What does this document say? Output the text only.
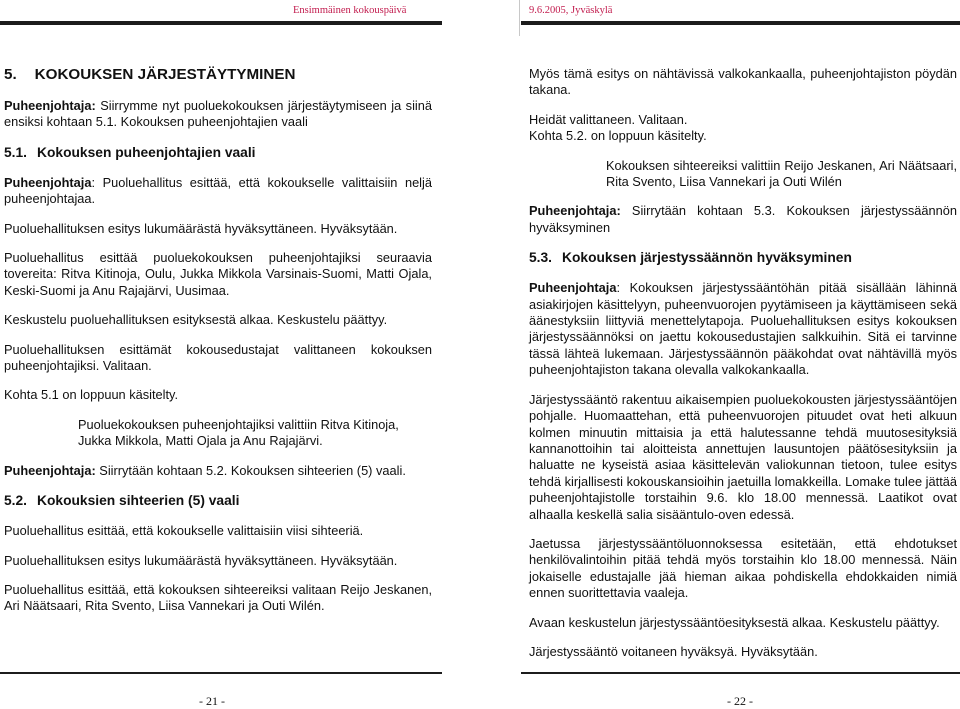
Ensimmäinen kokouspäivä	9.6.2005, Jyväskylä
5. KOKOUKSEN JÄRJESTÄYTYMINEN

Puheenjohtaja: Siirrymme nyt puoluekokouksen järjestäytymiseen ja siinä ensiksi kohtaan 5.1. Kokouksen puheenjohtajien vaali

5.1. Kokouksen puheenjohtajien vaali

Puheenjohtaja: Puoluehallitus esittää, että kokoukselle valittaisiin neljä puheenjohtajaa.

Puoluehallituksen esitys lukumäärästä hyväksyttäneen. Hyväksytään.

Puoluehallitus esittää puoluekokouksen puheenjohtajiksi seuraavia tovereita: Ritva Kitinoja, Oulu, Jukka Mikkola Varsinais-Suomi, Matti Ojala, Keski-Suomi ja Anu Rajajärvi, Uusimaa.

Keskustelu puoluehallituksen esityksestä alkaa. Keskustelu päättyy.

Puoluehallituksen esittämät kokousedustajat valittaneen kokouksen puheenjohtajiksi. Valitaan.

Kohta 5.1 on loppuun käsitelty.

Puoluekokouksen puheenjohtajiksi valittiin Ritva Kitinoja, Jukka Mikkola, Matti Ojala ja Anu Rajajärvi.

Puheenjohtaja: Siirrytään kohtaan 5.2. Kokouksen sihteerien (5) vaali.

5.2. Kokouksien sihteerien (5) vaali

Puoluehallitus esittää, että kokoukselle valittaisiin viisi sihteeriä.

Puoluehallituksen esitys lukumäärästä hyväksyttäneen. Hyväksytään.

Puoluehallitus esittää, että kokouksen sihteereiksi valitaan Reijo Jeskanen, Ari Näätsaari, Rita Svento, Liisa Vannekari ja Outi Wilén.

Myös tämä esitys on nähtävissä valkokankaalla, puheenjohtajiston pöydän takana.

Heidät valittaneen. Valitaan.
Kohta 5.2. on loppuun käsitelty.

Kokouksen sihteereiksi valittiin Reijo Jeskanen, Ari Näätsaari, Rita Svento, Liisa Vannekari ja Outi Wilén

Puheenjohtaja: Siirrytään kohtaan 5.3. Kokouksen järjestyssäännön hyväksyminen

5.3. Kokouksen järjestyssäännön hyväksyminen

Puheenjohtaja: Kokouksen järjestyssääntöhän pitää sisällään lähinnä asiakirjojen käsittelyyn, puheenvuorojen pyytämiseen ja käyttämiseen sekä äänestyksiin liittyviä menettelytapoja. Puoluehallituksen esitys kokouksen järjestyssäännöksi on jaettu kokousedustajien salkkuihin. Sitä ei tarvinne tässä lähteä lukemaan. Järjestyssäännön pääkohdat ovat nähtävillä myös puheenjohtajiston takana olevalla valkokankaalla.

Järjestyssääntö rakentuu aikaisempien puoluekokousten järjestyssääntöjen pohjalle. Huomaattehan, että puheenvuorojen pituudet ovat heti alkuun kolmen minuutin mittaisia ja että halutessanne tehdä muutosesityksiä kannanottoihin tai aloitteista annettujen lausuntojen päätösesityksiin ja haluatte ne kyseistä asiaa käsittelevän valiokunnan tietoon, tulee esitys tehdä kirjallisesti kokouskansioihin jaetuilla lomakkeilla. Lomake tulee jättää puheenjohtajistolle torstaihin 9.6. klo 18.00 mennessä. Laatikot ovat alhaalla keskellä salia sisääntulo-oven edessä.

Jaetussa järjestyssääntöluonnoksessa esitetään, että ehdotukset henkilövalintoihin pitää tehdä myös torstaihin klo 18.00 mennessä. Näin jokaiselle edustajalle jää hieman aikaa pohdiskella ehdokkaiden nimiä ennen suorittettavia vaaleja.

Avaan keskustelun järjestyssääntöesityksestä alkaa. Keskustelu päättyy.

Järjestyssääntö voitaneen hyväksyä. Hyväksytään.

- 21 -	- 22 -
